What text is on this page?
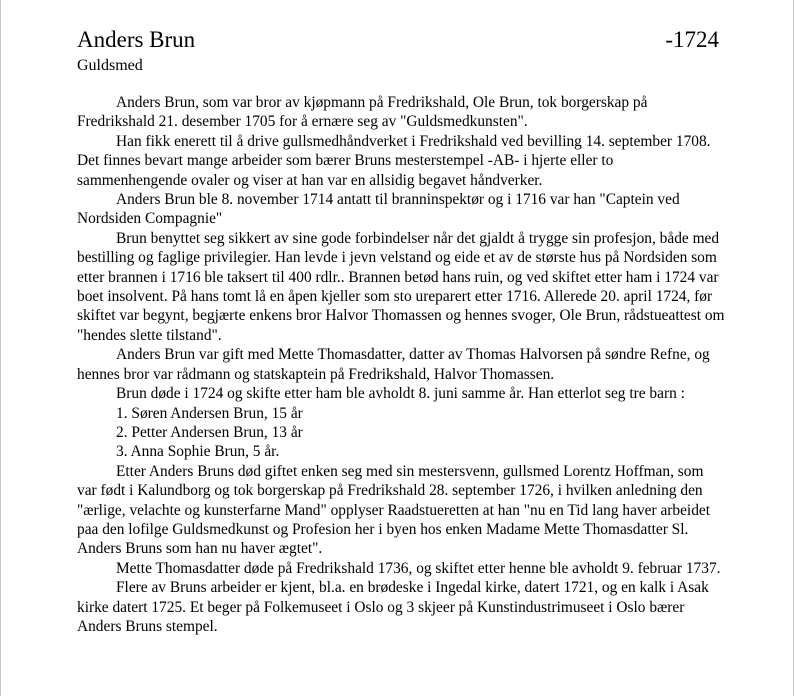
Anders Brun	-1724
Guldsmed

Anders Brun, som var bror av kjøpmann på Fredrikshald, Ole Brun, tok borgerskap på Fredrikshald 21. desember 1705 for å ernære seg av "Guldsmedkunsten".

Han fikk enerett til å drive gullsmedhåndverket i Fredrikshald ved bevilling 14. september 1708. Det finnes bevart mange arbeider som bærer Bruns mesterstempel -AB- i hjerte eller to sammenhengende ovaler og viser at han var en allsidig begavet håndverker.

Anders Brun ble 8. november 1714 antatt til branninspektør og i 1716 var han "Captein ved Nordsiden Compagnie"

Brun benyttet seg sikkert av sine gode forbindelser når det gjaldt å trygge sin profesjon, både med bestilling og faglige privilegier. Han levde i jevn velstand og eide et av de største hus på Nordsiden som etter brannen i 1716 ble taksert til 400 rdlr.. Brannen betød hans ruin, og ved skiftet etter ham i 1724 var boet insolvent. På hans tomt lå en åpen kjeller som sto ureparert etter 1716. Allerede 20. april 1724, før skiftet var begynt, begjærte enkens bror Halvor Thomassen og hennes svoger, Ole Brun, rådstueattest om "hendes slette tilstand".

Anders Brun var gift med Mette Thomasdatter, datter av Thomas Halvorsen på søndre Refne, og hennes bror var rådmann og statskaptein på Fredrikshald, Halvor Thomassen.

Brun døde i 1724 og skifte etter ham ble avholdt 8. juni samme år. Han etterlot seg tre barn :

1. Søren Andersen Brun, 15 år
2. Petter Andersen Brun, 13 år
3. Anna Sophie Brun, 5 år.

Etter Anders Bruns død giftet enken seg med sin mestersvenn, gullsmed Lorentz Hoffman, som var født i Kalundborg og tok borgerskap på Fredrikshald 28. september 1726, i hvilken anledning den "ærlige, velachte og kunsterfarne Mand" opplyser Raadstueretten at han "nu en Tid lang haver arbeidet paa den lofilge Guldsmedkunst og Profesion her i byen hos enken Madame Mette Thomasdatter Sl. Anders Bruns som han nu haver ægtet".

Mette Thomasdatter døde på Fredrikshald 1736, og skiftet etter henne ble avholdt 9. februar 1737.

Flere av Bruns arbeider er kjent, bl.a. en brødeske i Ingedal kirke, datert 1721, og en kalk i Asak kirke datert 1725. Et beger på Folkemuseet i Oslo og 3 skjeer på Kunstindustrimuseet i Oslo bærer Anders Bruns stempel.
